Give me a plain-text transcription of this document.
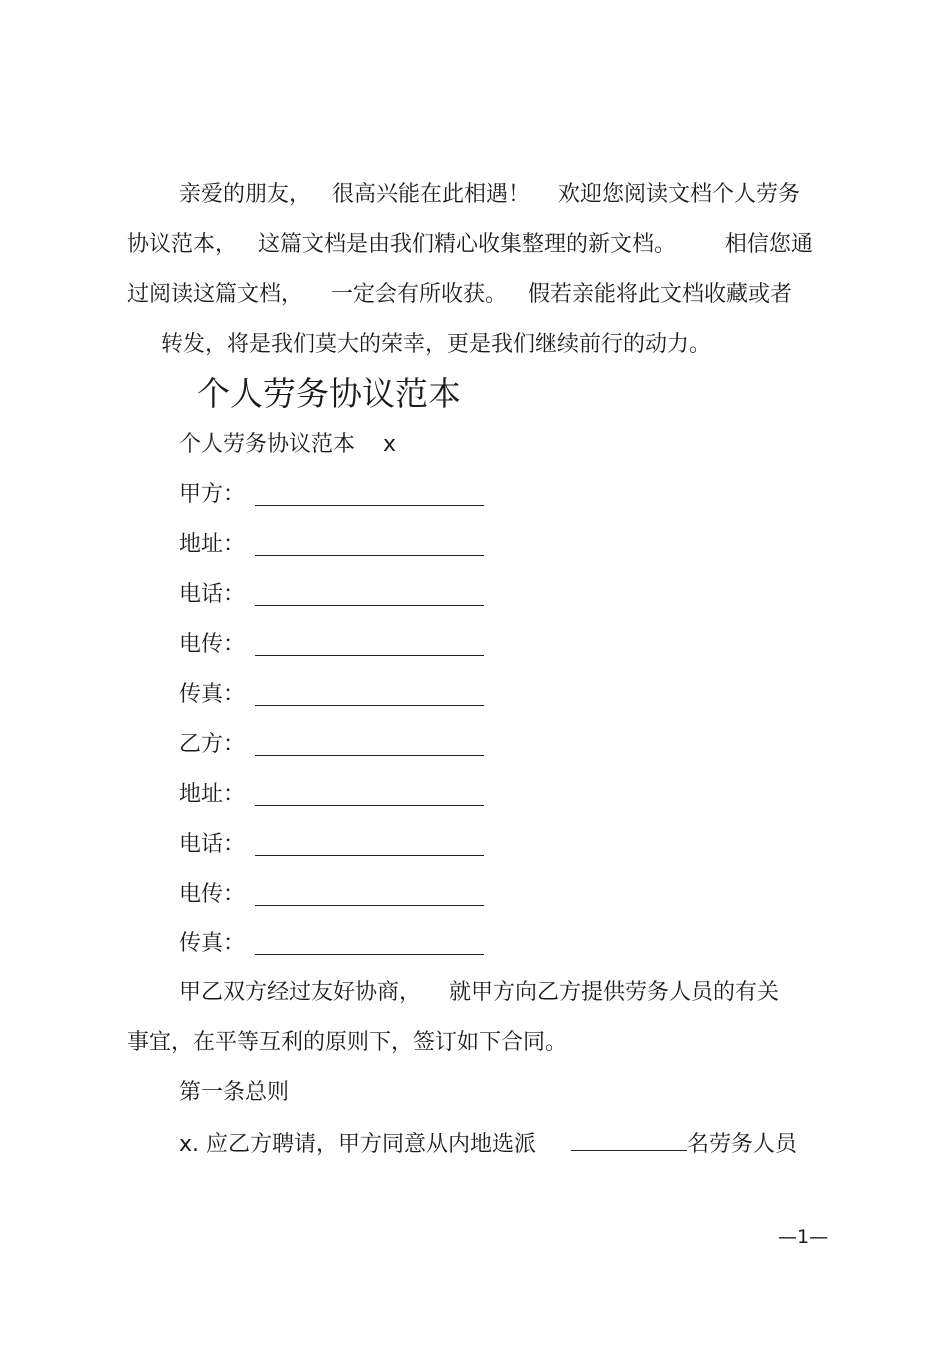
亲爱的朋友，   很高兴能在此相遇！    欢迎您阅读文档个人劳务
协议范本，   这篇文档是由我们精心收集整理的新文档。       相信您通
过阅读这篇文档，    一定会有所收获。   假若亲能将此文档收藏或者
转发，将是我们莫大的荣幸，更是我们继续前行的动力。
个人劳务协议范本
个人劳务协议范本    x
甲方：
地址：
电话：
电传：
传真：
乙方：
地址：
电话：
电传：
传真：
甲乙双方经过友好协商，    就甲方向乙方提供劳务人员的有关
事宜，在平等互利的原则下，签订如下合同。
第一条总则
x. 应乙方聘请，甲方同意从内地选派	名劳务人员
—1—
